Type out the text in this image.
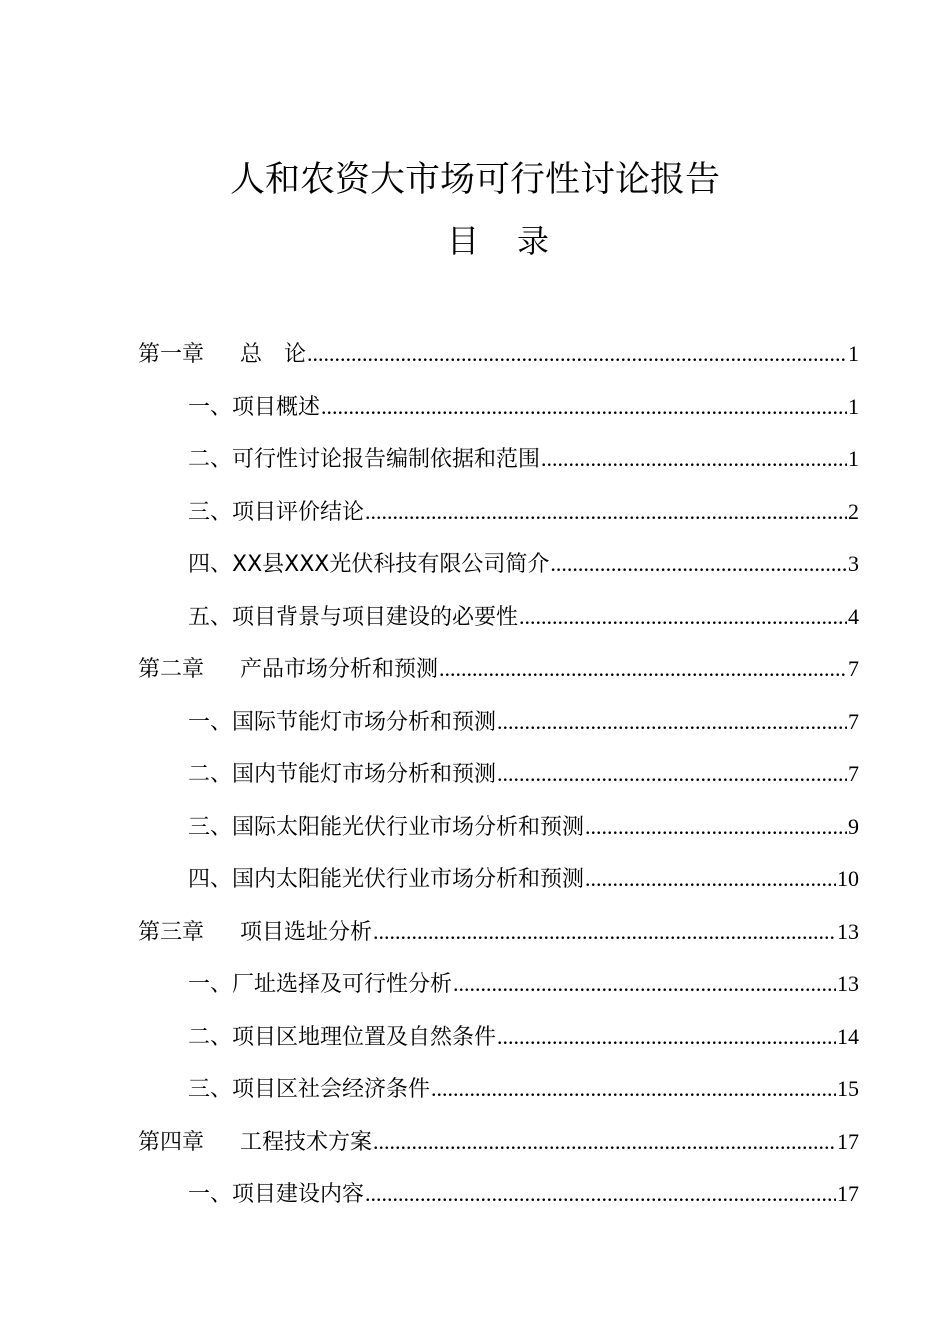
人和农资大市场可行性讨论报告
目 录
第一章	总　论 .....	1
一、 项目概述 .....	1
二、 可行性讨论报告编制依据和范围 .....	1
三、 项目评价结论 .....	2
四、 XX县XXX光伏科技有限公司简介 .....	3
五、 项目背景与项目建设的必要性 .....	4
第二章	产品市场分析和预测 .....	7
一、 国际节能灯市场分析和预测 .....	7
二、 国内节能灯市场分析和预测 .....	7
三、 国际太阳能光伏行业市场分析和预测 .....	9
四、 国内太阳能光伏行业市场分析和预测 .....	10
第三章	项目选址分析 .....	13
一、 厂址选择及可行性分析 .....	13
二、 项目区地理位置及自然条件 .....	14
三、 项目区社会经济条件 .....	15
第四章	工程技术方案 .....	17
一、 项目建设内容 .....	17
